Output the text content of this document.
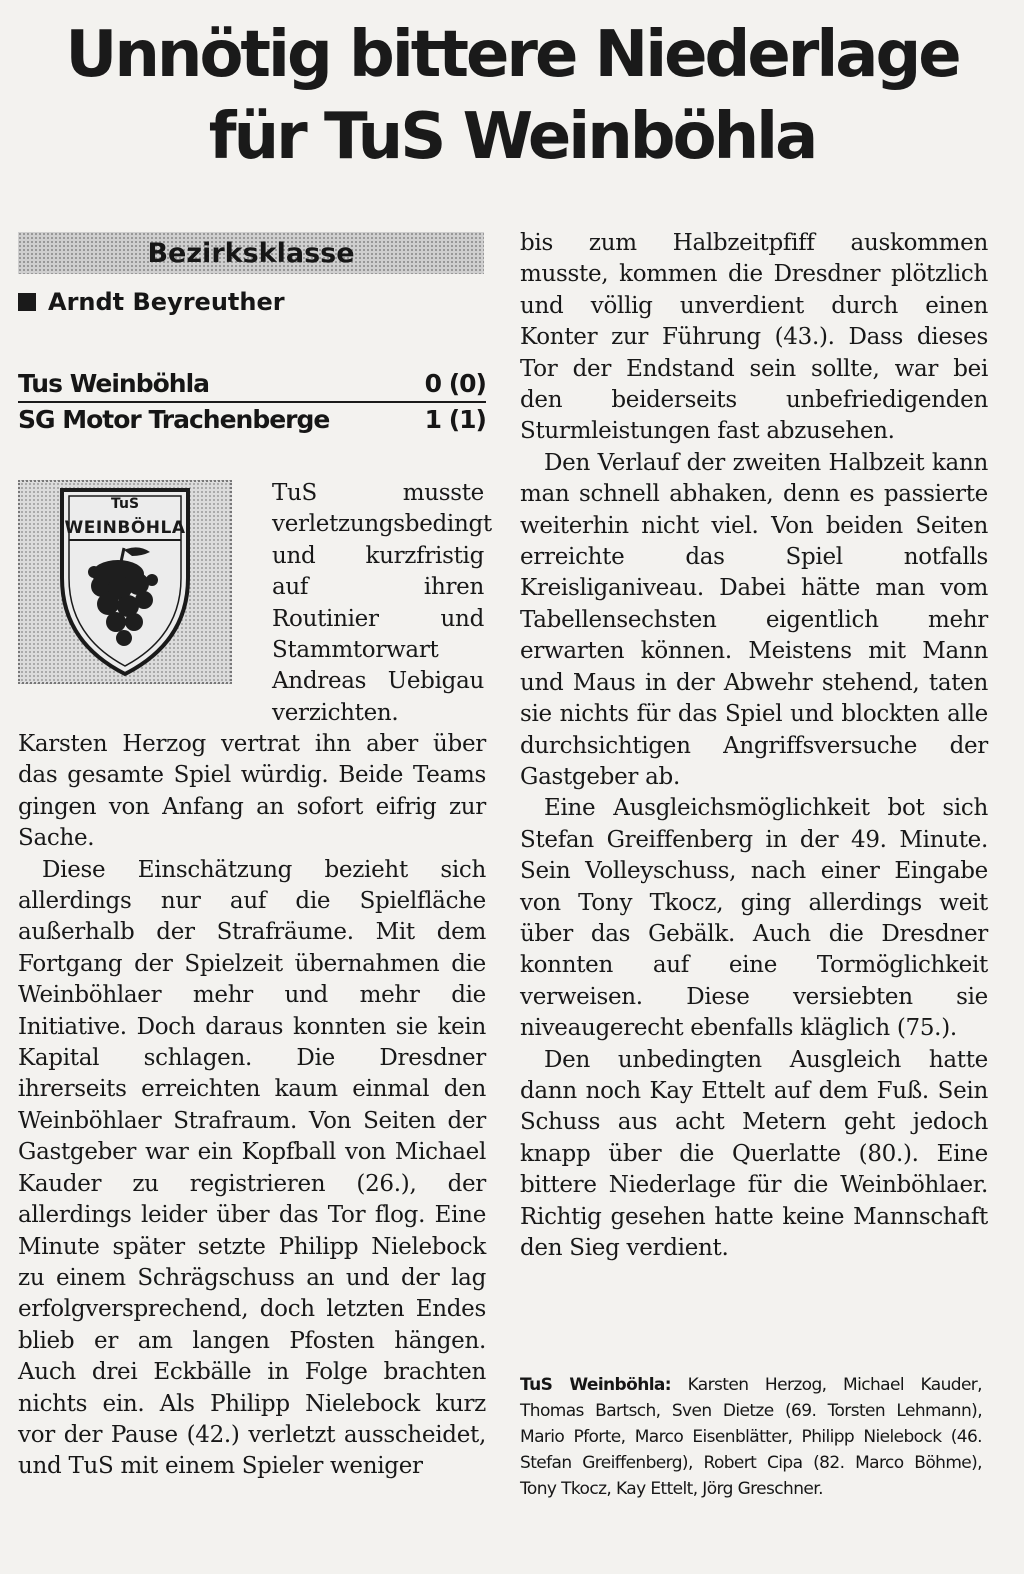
Unnötig bittere Niederlage
für TuS Weinböhla
Bezirksklasse
Arndt Beyreuther
Tus Weinböhla	0 (0)
SG Motor Trachenberge	1 (1)
TuS
WEINBÖHLA

TuS musste verletzungsbedingt und kurzfristig auf ihren Routinier und Stammtorwart Andreas Uebigau verzichten.

Karsten Herzog vertrat ihn aber über das gesamte Spiel würdig. Beide Teams gingen von Anfang an sofort eifrig zur Sache.

Diese Einschätzung bezieht sich allerdings nur auf die Spielfläche außerhalb der Strafräume. Mit dem Fortgang der Spielzeit übernahmen die Weinböhlaer mehr und mehr die Initiative. Doch daraus konnten sie kein Kapital schlagen. Die Dresdner ihrerseits erreichten kaum einmal den Weinböhlaer Strafraum. Von Seiten der Gastgeber war ein Kopfball von Michael Kauder zu registrieren (26.), der allerdings leider über das Tor flog. Eine Minute später setzte Philipp Nielebock zu einem Schrägschuss an und der lag erfolgversprechend, doch letzten Endes blieb er am langen Pfosten hängen. Auch drei Eckbälle in Folge brachten nichts ein. Als Philipp Nielebock kurz vor der Pause (42.) verletzt ausscheidet, und TuS mit einem Spieler weniger

bis zum Halbzeitpfiff auskommen musste, kommen die Dresdner plötzlich und völlig unverdient durch einen Konter zur Führung (43.). Dass dieses Tor der Endstand sein sollte, war bei den beiderseits unbefriedigenden Sturmleistungen fast abzusehen.

Den Verlauf der zweiten Halbzeit kann man schnell abhaken, denn es passierte weiterhin nicht viel. Von beiden Seiten erreichte das Spiel notfalls Kreisliganiveau. Dabei hätte man vom Tabellensechsten eigentlich mehr erwarten können. Meistens mit Mann und Maus in der Abwehr stehend, taten sie nichts für das Spiel und blockten alle durchsichtigen Angriffsversuche der Gastgeber ab.

Eine Ausgleichsmöglichkeit bot sich Stefan Greiffenberg in der 49. Minute. Sein Volleyschuss, nach einer Eingabe von Tony Tkocz, ging allerdings weit über das Gebälk. Auch die Dresdner konnten auf eine Tormöglichkeit verweisen. Diese versiebten sie niveaugerecht ebenfalls kläglich (75.).

Den unbedingten Ausgleich hatte dann noch Kay Ettelt auf dem Fuß. Sein Schuss aus acht Metern geht jedoch knapp über die Querlatte (80.). Eine bittere Niederlage für die Weinböhlaer. Richtig gesehen hatte keine Mannschaft den Sieg verdient.

TuS Weinböhla: Karsten Herzog, Michael Kauder, Thomas Bartsch, Sven Dietze (69. Torsten Lehmann), Mario Pforte, Marco Eisenblätter, Philipp Nielebock (46. Stefan Greiffenberg), Robert Cipa (82. Marco Böhme), Tony Tkocz, Kay Ettelt, Jörg Greschner.
